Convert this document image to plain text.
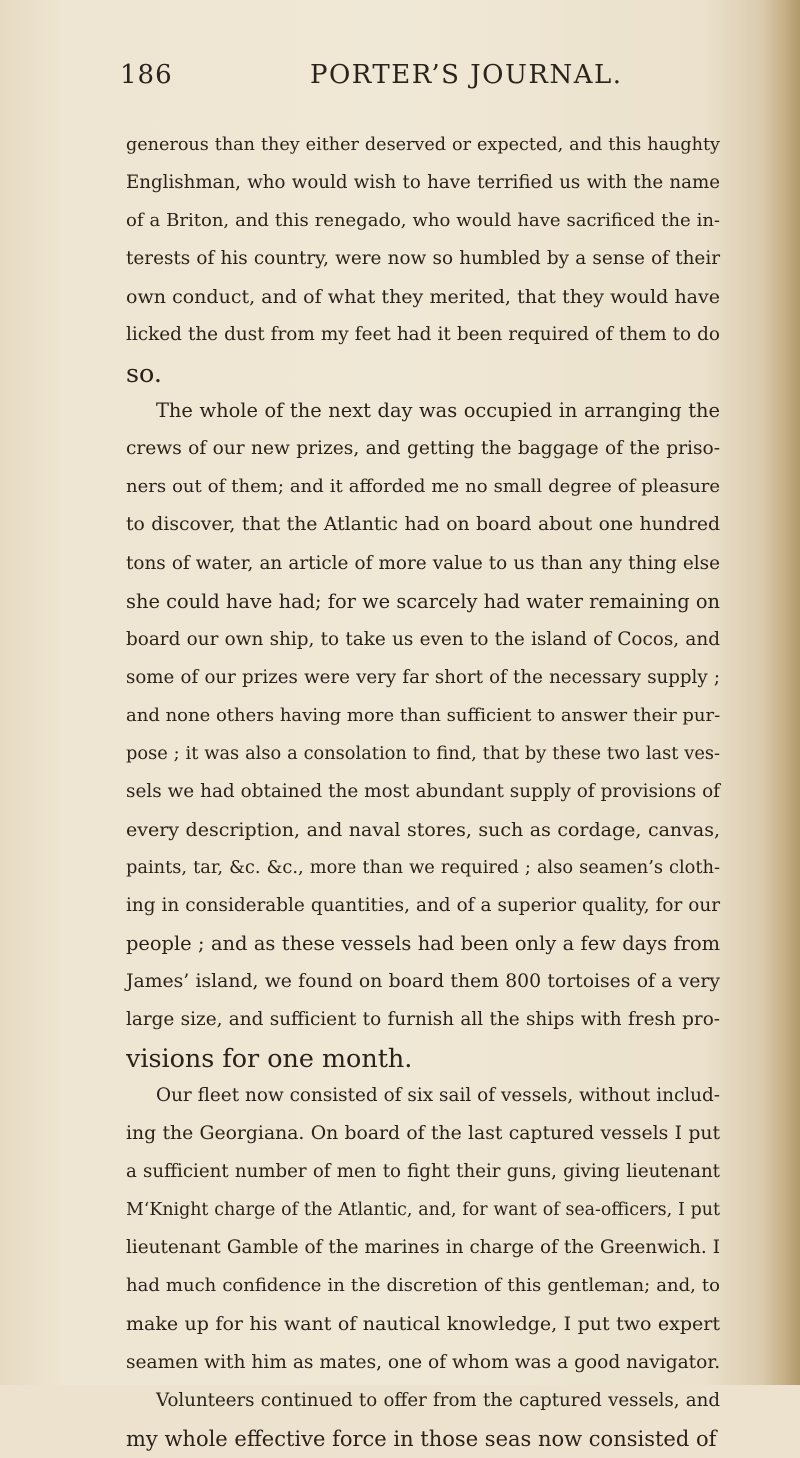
186	PORTER’S JOURNAL.
generous than they either deserved or expected, and this haughty
Englishman, who would wish to have terrified us with the name
of a Briton, and this renegado, who would have sacrificed the in-
terests of his country, were now so humbled by a sense of their
own conduct, and of what they merited, that they would have
licked the dust from my feet had it been required of them to do
so.
The whole of the next day was occupied in arranging the
crews of our new prizes, and getting the baggage of the priso-
ners out of them; and it afforded me no small degree of pleasure
to discover, that the Atlantic had on board about one hundred
tons of water, an article of more value to us than any thing else
she could have had; for we scarcely had water remaining on
board our own ship, to take us even to the island of Cocos, and
some of our prizes were very far short of the necessary supply ;
and none others having more than sufficient to answer their pur-
pose ; it was also a consolation to find, that by these two last ves-
sels we had obtained the most abundant supply of provisions of
every description, and naval stores, such as cordage, canvas,
paints, tar, &c. &c., more than we required ; also seamen’s cloth-
ing in considerable quantities, and of a superior quality, for our
people ; and as these vessels had been only a few days from
James’ island, we found on board them 800 tortoises of a very
large size, and sufficient to furnish all the ships with fresh pro-
visions for one month.
Our fleet now consisted of six sail of vessels, without includ-
ing the Georgiana. On board of the last captured vessels I put
a sufficient number of men to fight their guns, giving lieutenant
M‘Knight charge of the Atlantic, and, for want of sea-officers, I put
lieutenant Gamble of the marines in charge of the Greenwich. I
had much confidence in the discretion of this gentleman; and, to
make up for his want of nautical knowledge, I put two expert
seamen with him as mates, one of whom was a good navigator.
Volunteers continued to offer from the captured vessels, and
my whole effective force in those seas now consisted of
